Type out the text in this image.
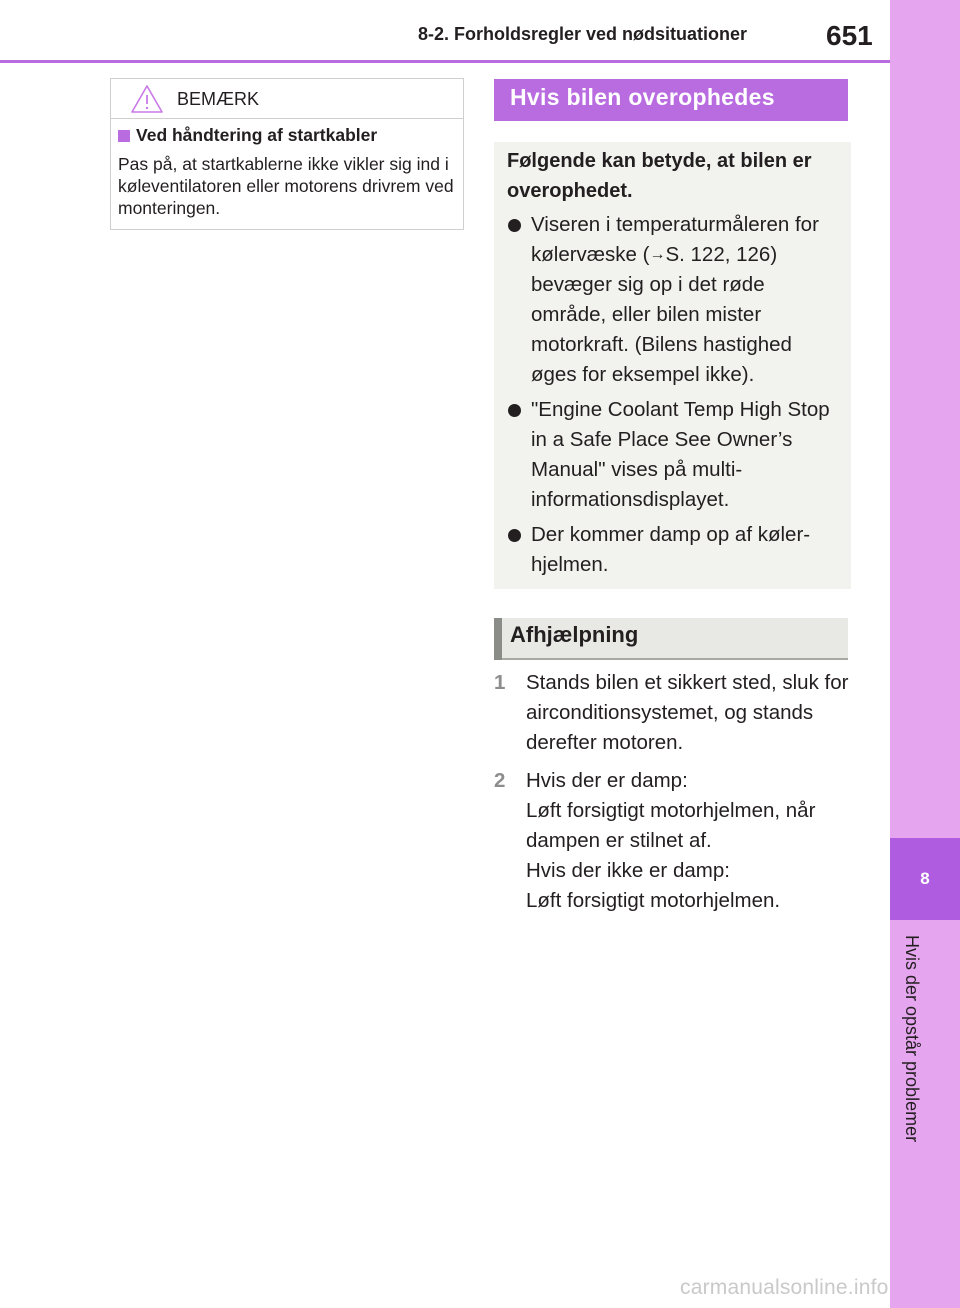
8-2. Forholdsregler ved nødsituationer	651
8
Hvis der opstår problemer
BEMÆRK
Ved håndtering af startkabler
Pas på, at startkablerne ikke vikler sig ind i køleventilatoren eller motorens drivrem ved monteringen.
Hvis bilen overophedes
Følgende kan betyde, at bilen er overophedet.
Viseren i temperaturmåleren for kølervæske (→S. 122, 126) bevæger sig op i det røde område, eller bilen mister motorkraft. (Bilens hastighed øges for eksempel ikke).
"Engine Coolant Temp High Stop in a Safe Place See Owner’s Manual" vises på multi-informationsdisplayet.
Der kommer damp op af køler-hjelmen.
Afhjælpning
1 Stands bilen et sikkert sted, sluk for airconditionsystemet, og stands derefter motoren.
2 Hvis der er damp:
Løft forsigtigt motorhjelmen, når dampen er stilnet af.
Hvis der ikke er damp:
Løft forsigtigt motorhjelmen.
carmanualsonline.info
